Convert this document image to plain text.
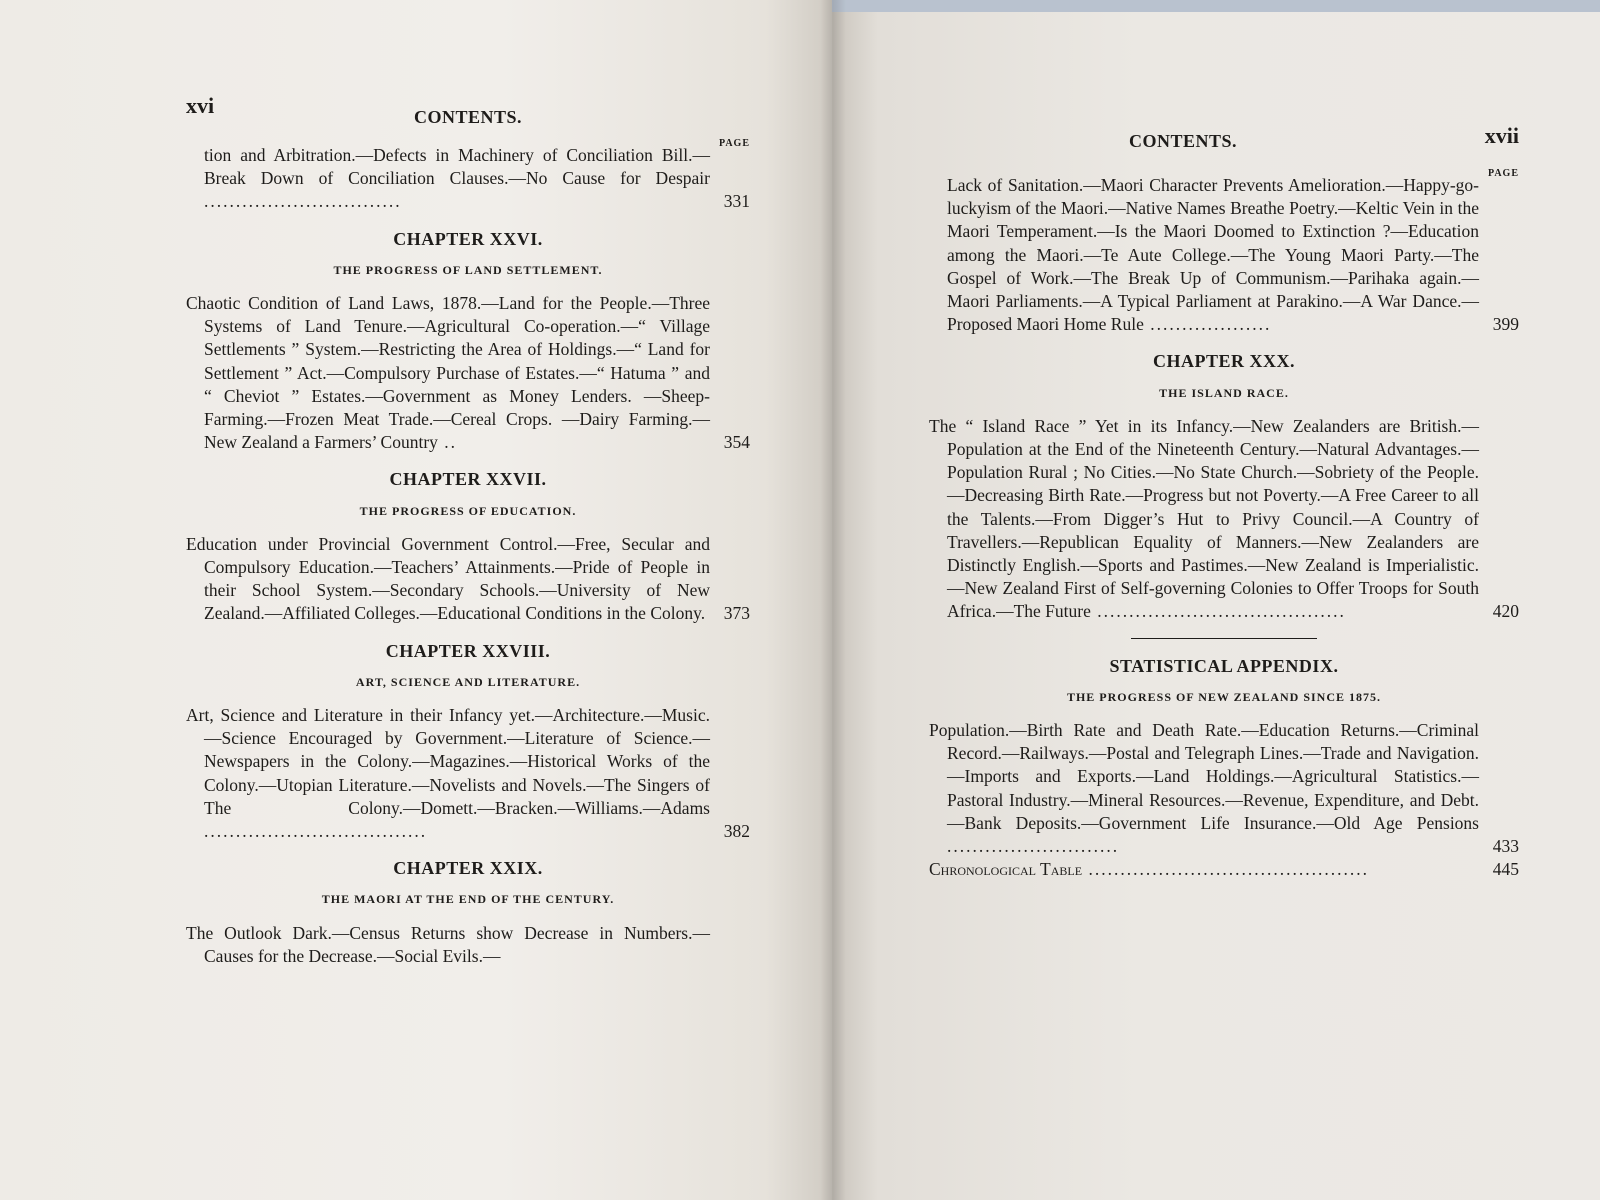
xvi	CONTENTS.
PAGE
tion and Arbitration.—Defects in Machinery of Conciliation Bill.—Break Down of Conciliation Clauses.—No Cause for Despair ...............................	331
CHAPTER XXVI.
THE PROGRESS OF LAND SETTLEMENT.
Chaotic Condition of Land Laws, 1878.—Land for the People.—Three Systems of Land Tenure.—Agricultural Co-operation.—“ Village Settlements ” System.—Restricting the Area of Holdings.—“ Land for Settlement ” Act.—Compulsory Purchase of Estates.—“ Hatuma ” and “ Cheviot ” Estates.—Government as Money Lenders. —Sheep-Farming.—Frozen Meat Trade.—Cereal Crops. —Dairy Farming.—New Zealand a Farmers’ Country ..	354
CHAPTER XXVII.
THE PROGRESS OF EDUCATION.
Education under Provincial Government Control.—Free, Secular and Compulsory Education.—Teachers’ Attainments.—Pride of People in their School System.—Secondary Schools.—University of New Zealand.—Affiliated Colleges.—Educational Conditions in the Colony.	373
CHAPTER XXVIII.
ART, SCIENCE AND LITERATURE.
Art, Science and Literature in their Infancy yet.—Architecture.—Music.—Science Encouraged by Government.—Literature of Science.—Newspapers in the Colony.—Magazines.—Historical Works of the Colony.—Utopian Literature.—Novelists and Novels.—The Singers of The Colony.—Domett.—Bracken.—Williams.—Adams ...................................	382
CHAPTER XXIX.
THE MAORI AT THE END OF THE CENTURY.
The Outlook Dark.—Census Returns show Decrease in Numbers.—Causes for the Decrease.—Social Evils.—
CONTENTS.	xvii
PAGE
Lack of Sanitation.—Maori Character Prevents Amelioration.—Happy-go-luckyism of the Maori.—Native Names Breathe Poetry.—Keltic Vein in the Maori Temperament.—Is the Maori Doomed to Extinction ?—Education among the Maori.—Te Aute College.—The Young Maori Party.—The Gospel of Work.—The Break Up of Communism.—Parihaka again.—Maori Parliaments.—A Typical Parliament at Parakino.—A War Dance.—Proposed Maori Home Rule ...................	399
CHAPTER XXX.
THE ISLAND RACE.
The “ Island Race ” Yet in its Infancy.—New Zealanders are British.—Population at the End of the Nineteenth Century.—Natural Advantages.—Population Rural ; No Cities.—No State Church.—Sobriety of the People.—Decreasing Birth Rate.—Progress but not Poverty.—A Free Career to all the Talents.—From Digger’s Hut to Privy Council.—A Country of Travellers.—Republican Equality of Manners.—New Zealanders are Distinctly English.—Sports and Pastimes.—New Zealand is Imperialistic.—New Zealand First of Self-governing Colonies to Offer Troops for South Africa.—The Future .......................................	420
STATISTICAL APPENDIX.
THE PROGRESS OF NEW ZEALAND SINCE 1875.
Population.—Birth Rate and Death Rate.—Education Returns.—Criminal Record.—Railways.—Postal and Telegraph Lines.—Trade and Navigation.—Imports and Exports.—Land Holdings.—Agricultural Statistics.—Pastoral Industry.—Mineral Resources.—Revenue, Expenditure, and Debt.—Bank Deposits.—Government Life Insurance.—Old Age Pensions ...........................	433
Chronological Table ............................................	445
